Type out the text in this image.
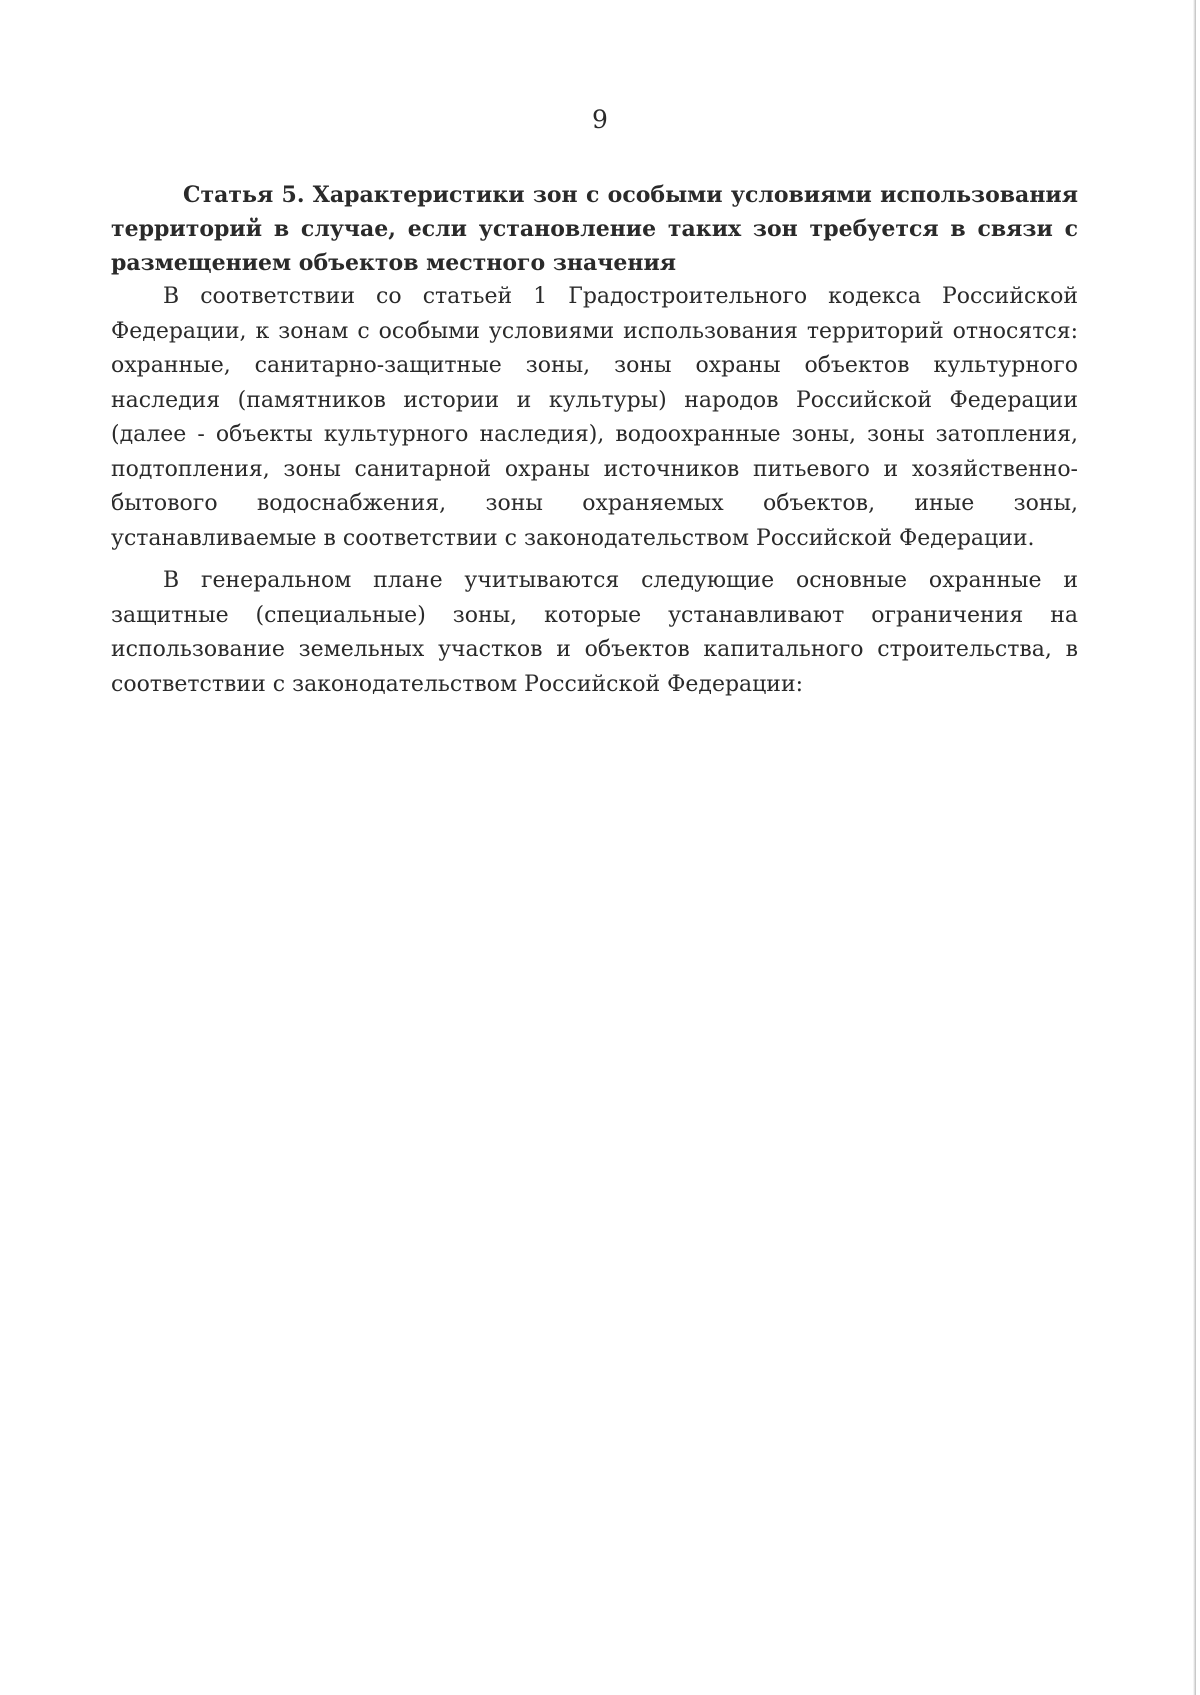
9

Статья 5. Характеристики зон с особыми условиями использования территорий в случае, если установление таких зон требуется в связи с размещением объектов местного значения

В соответствии со статьей 1 Градостроительного кодекса Российской Федерации, к зонам с особыми условиями использования территорий относятся: охранные, санитарно-защитные зоны, зоны охраны объектов культурного наследия (памятников истории и культуры) народов Российской Федерации (далее - объекты культурного наследия), водоохранные зоны, зоны затопления, подтопления, зоны санитарной охраны источников питьевого и хозяйственно-бытового водоснабжения, зоны охраняемых объектов, иные зоны, устанавливаемые в соответствии с законодательством Российской Федерации.

В генеральном плане учитываются следующие основные охранные и защитные (специальные) зоны, которые устанавливают ограничения на использование земельных участков и объектов капитального строительства, в соответствии с законодательством Российской Федерации:
